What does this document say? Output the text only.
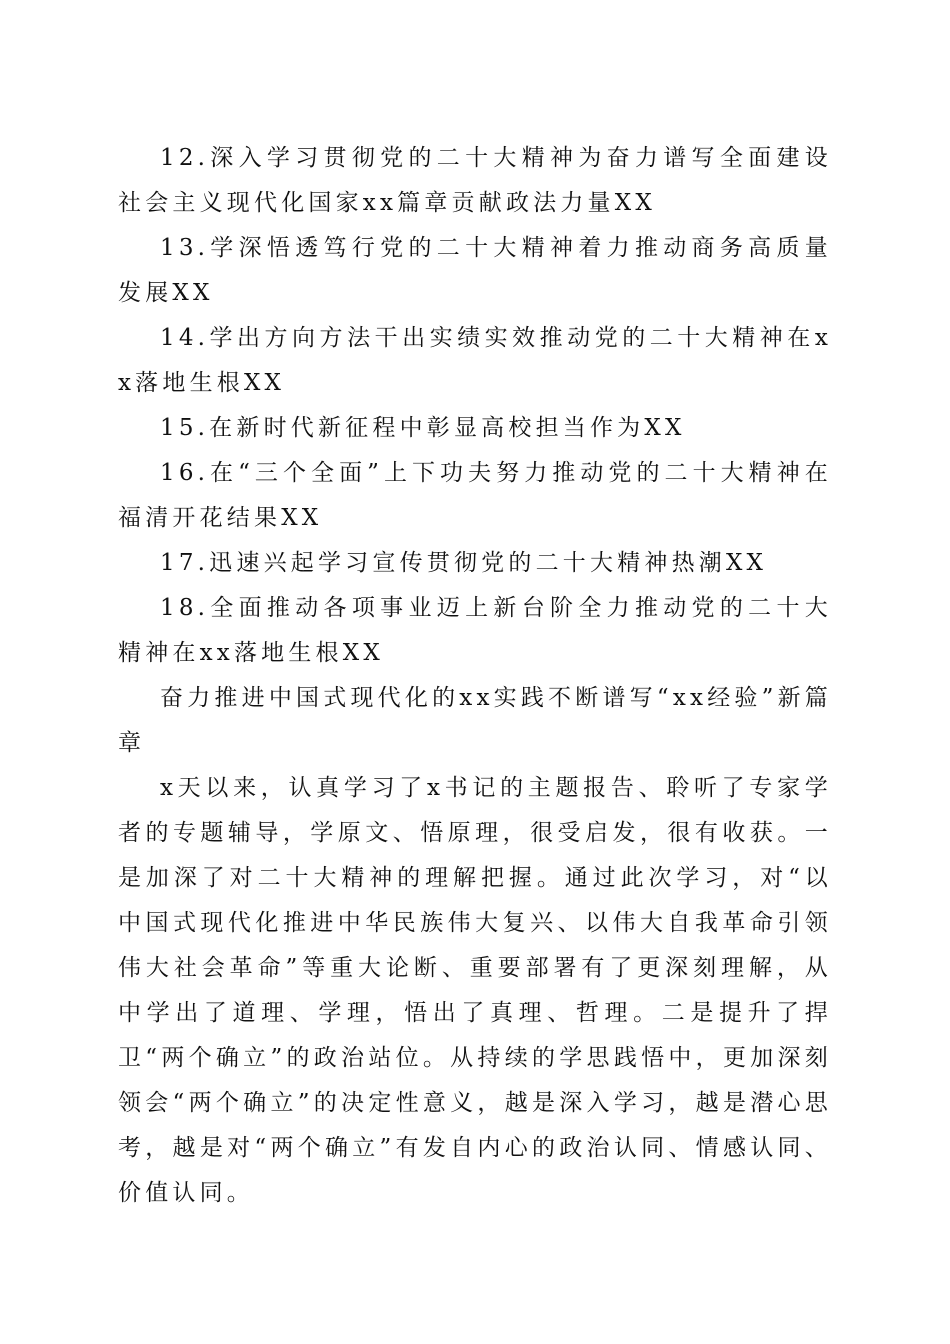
12.深入学习贯彻党的二十大精神为奋力谱写全面建设社会主义现代化国家xx篇章贡献政法力量XX

13.学深悟透笃行党的二十大精神着力推动商务高质量发展XX

14.学出方向方法干出实绩实效推动党的二十大精神在xx落地生根XX

15.在新时代新征程中彰显高校担当作为XX

16.在“三个全面”上下功夫努力推动党的二十大精神在福清开花结果XX

17.迅速兴起学习宣传贯彻党的二十大精神热潮XX

18.全面推动各项事业迈上新台阶全力推动党的二十大精神在xx落地生根XX

奋力推进中国式现代化的xx实践不断谱写“xx经验”新篇章

x天以来，认真学习了x书记的主题报告、聆听了专家学者的专题辅导，学原文、悟原理，很受启发，很有收获。一是加深了对二十大精神的理解把握。通过此次学习，对“以中国式现代化推进中华民族伟大复兴、以伟大自我革命引领伟大社会革命”等重大论断、重要部署有了更深刻理解，从中学出了道理、学理，悟出了真理、哲理。二是提升了捍卫“两个确立”的政治站位。从持续的学思践悟中，更加深刻领会“两个确立”的决定性意义，越是深入学习，越是潜心思考，越是对“两个确立”有发自内心的政治认同、情感认同、价值认同。
